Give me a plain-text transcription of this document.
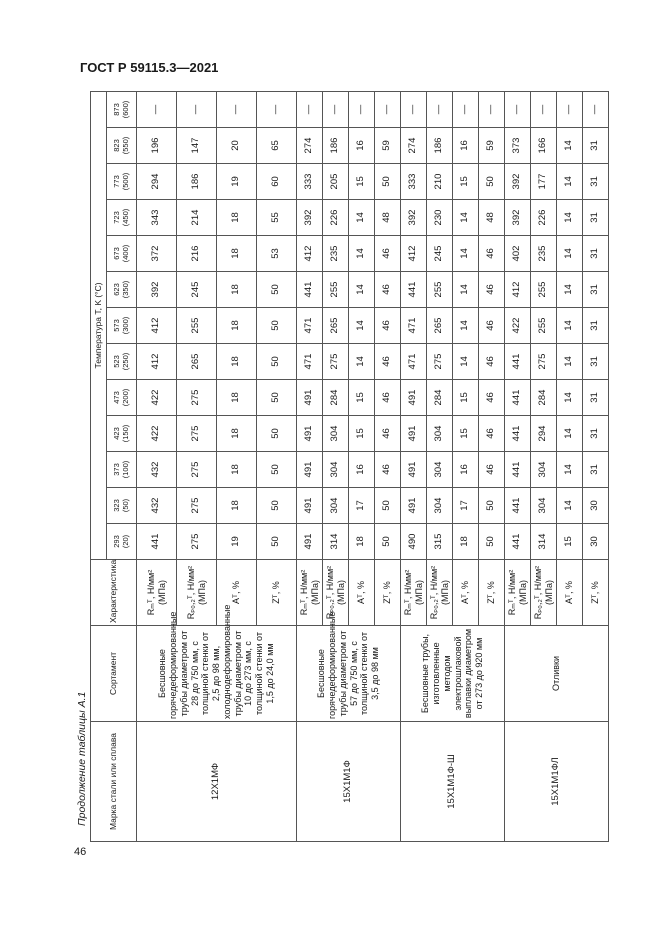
ГОСТ Р 59115.3—2021
46
Продолжение таблицы А.1 Марка стали или сплава	Сортамент	Характеристика	Температура T, K (°C)												

			293 (20)	323 (50)	373 (100)	423 (150)	473 (200)	523 (250)	573 (300)	623 (350)	673 (400)	723 (450)	773 (500)	823 (550)	873 (600)

12Х1МФ	Бесшовные горячедеформированные трубы диаметром от 28 до 750 мм, с толщиной стенки от 2,5 до 98 мм, холоднодеформированные трубы диаметром от 10 до 273 мм, с толщиной стенки от 1,5 до 24,0 мм	Rₘᵀ, Н/мм² (МПа)	441	432	432	422	422	412	412	392	372	343	294	196	—

		Rₚ₀,₂ᵀ, Н/мм² (МПа)	275	275	275	275	275	265	255	245	216	214	186	147	—

		Aᵀ, %	19	18	18	18	18	18	18	18	18	18	19	20	—

		Zᵀ, %	50	50	50	50	50	50	50	50	53	55	60	65	—
15Х1М1Ф	Бесшовные горячедеформированные трубы диаметром от 57 до 750 мм, с толщиной стенки от 3,5 до 98 мм	Rₘᵀ, Н/мм² (МПа)	491	491	491	491	491	471	471	441	412	392	333	274	—

		Rₚ₀,₂ᵀ, Н/мм² (МПа)	314	304	304	304	284	275	265	255	235	226	205	186	—

		Aᵀ, %	18	17	16	15	15	14	14	14	14	14	15	16	—

		Zᵀ, %	50	50	46	46	46	46	46	46	46	48	50	59	—
15Х1М1Ф-Ш	Бесшовные трубы, изготовленные методом электрошлаковой выплавки диаметром от 273 до 920 мм	Rₘᵀ, Н/мм² (МПа)	490	491	491	491	491	471	471	441	412	392	333	274	—

		Rₚ₀,₂ᵀ, Н/мм² (МПа)	315	304	304	304	284	275	265	255	245	230	210	186	—

		Aᵀ, %	18	17	16	15	15	14	14	14	14	14	15	16	—

		Zᵀ, %	50	50	46	46	46	46	46	46	46	48	50	59	—
15Х1М1ФЛ	Отливки	Rₘᵀ, Н/мм² (МПа)	441	441	441	441	441	441	422	412	402	392	392	373	—

		Rₚ₀,₂ᵀ, Н/мм² (МПа)	314	304	304	294	284	275	255	255	235	226	177	166	—

		Aᵀ, %	15	14	14	14	14	14	14	14	14	14	14	14	—

		Zᵀ, %	30	30	31	31	31	31	31	31	31	31	31	31	—
